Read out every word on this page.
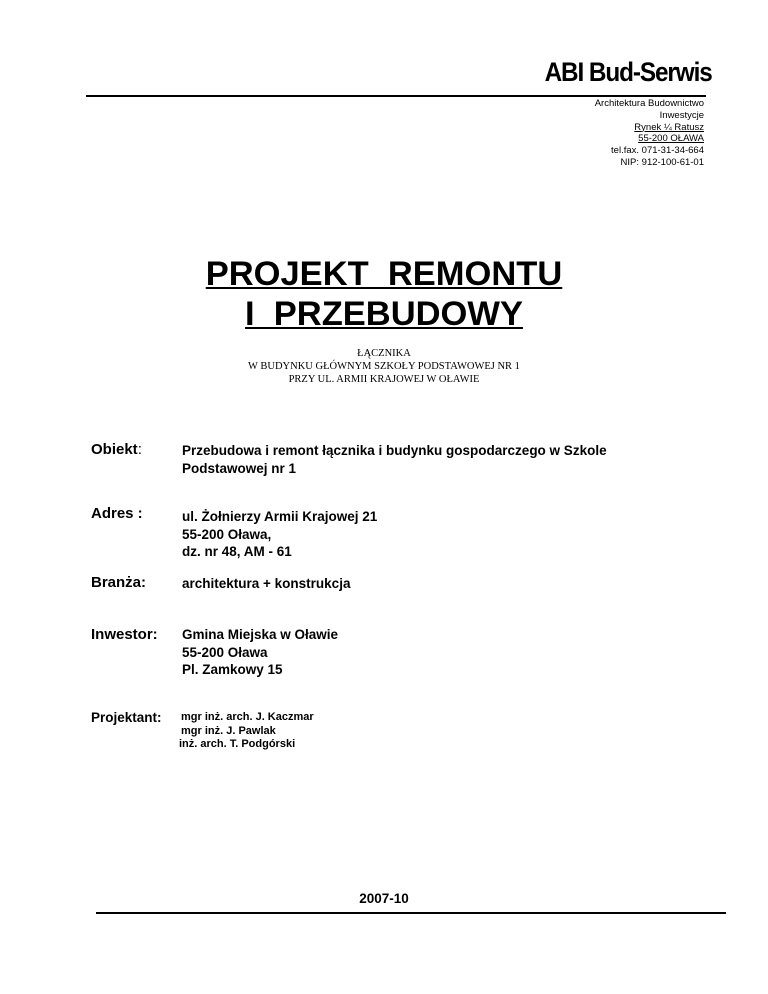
ABI Bud-Serwis
Architektura Budownictwo
Inwestycje
Rynek ¼ Ratusz
55-200 OŁAWA
tel.fax. 071-31-34-664
NIP: 912-100-61-01
PROJEKT  REMONTU
I  PRZEBUDOWY
ŁĄCZNIKA
W BUDYNKU GŁÓWNYM SZKOŁY PODSTAWOWEJ NR 1
PRZY UL. ARMII KRAJOWEJ W OŁAWIE
Obiekt:	Przebudowa i remont łącznika i budynku gospodarczego w Szkole
Podstawowej nr 1
Adres :	ul. Żołnierzy Armii Krajowej 21
55-200 Oława,
dz. nr 48, AM - 61
Branża:	architektura + konstrukcja
Inwestor: Gmina Miejska w Oławie
55-200 Oława
Pl. Zamkowy 15
Projektant: mgr inż. arch. J. Kaczmar
mgr inż. J. Pawlak
inż. arch. T. Podgórski
2007-10
